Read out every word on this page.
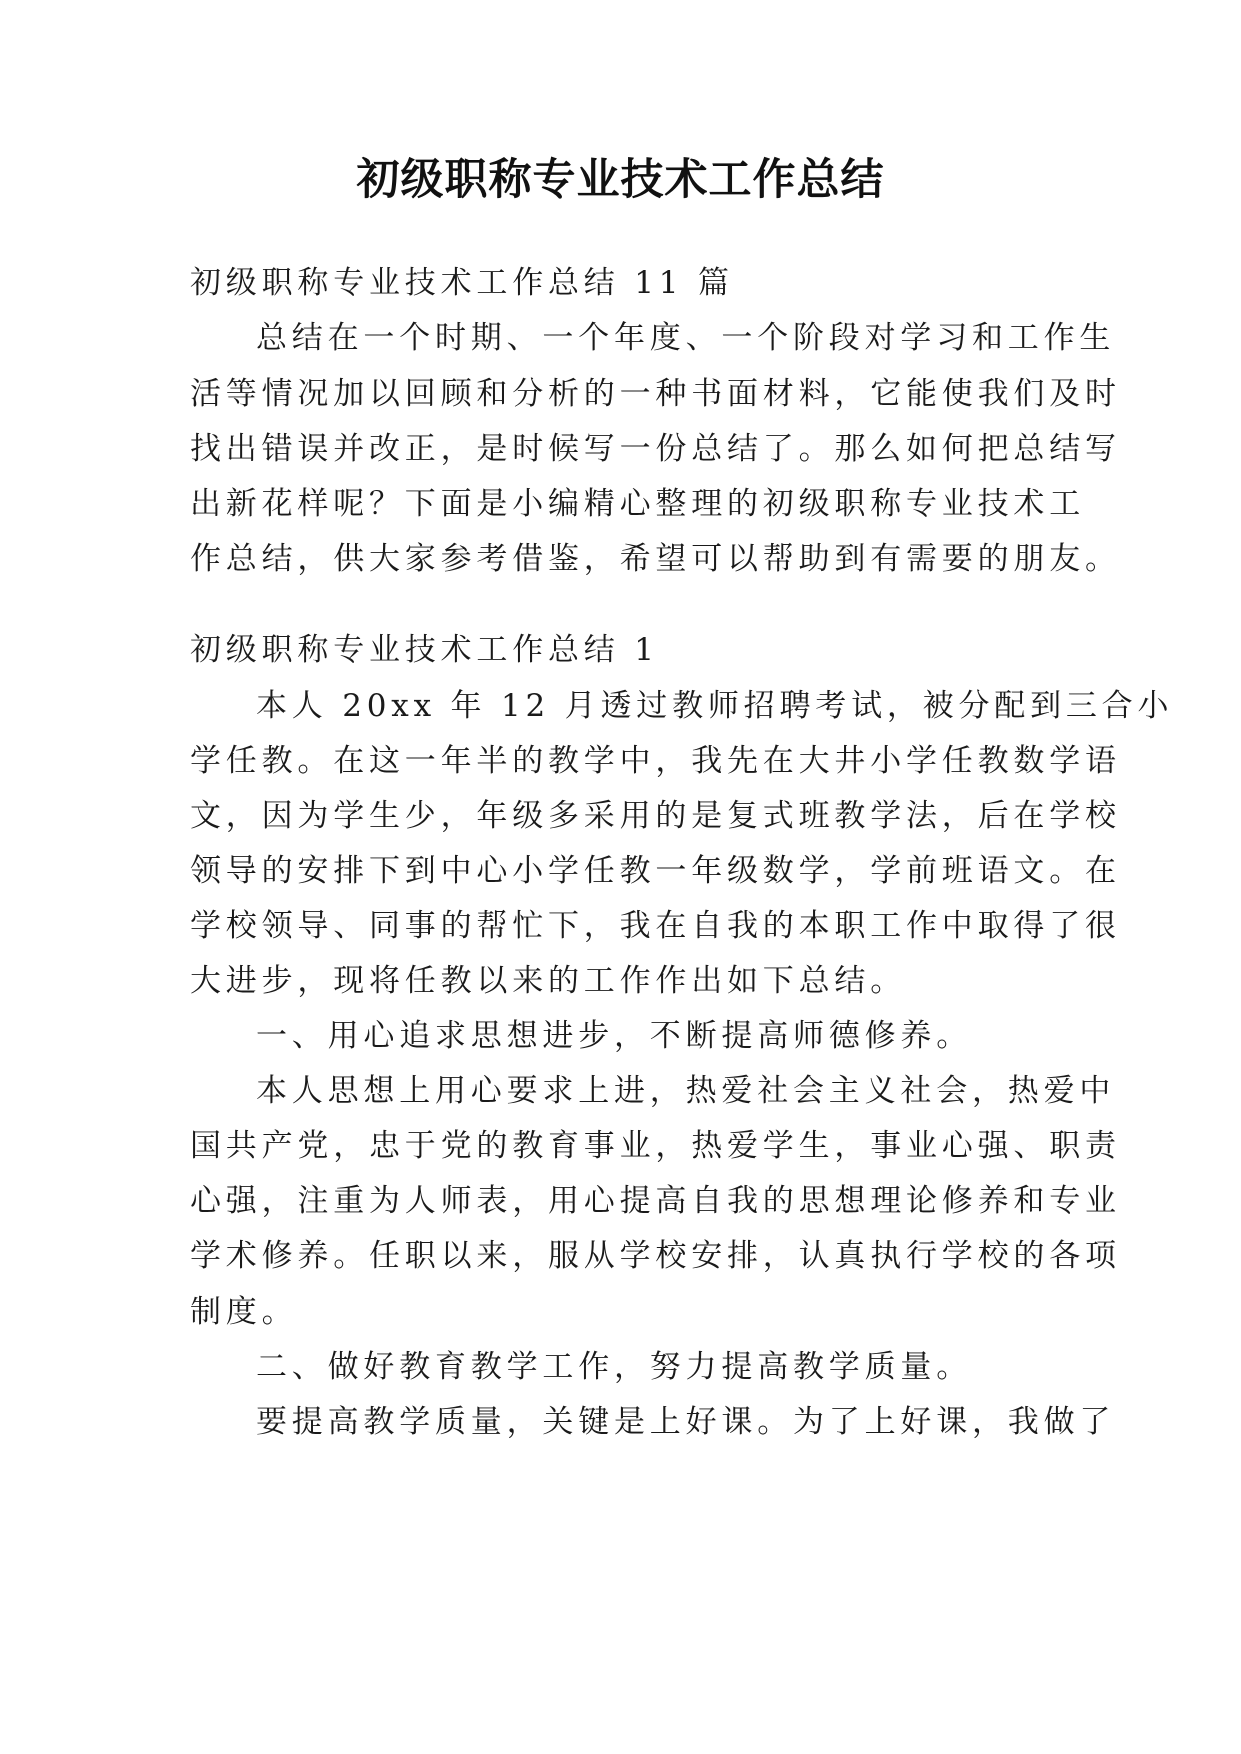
初级职称专业技术工作总结

初级职称专业技术工作总结 11 篇

总结在一个时期、一个年度、一个阶段对学习和工作生

活等情况加以回顾和分析的一种书面材料，它能使我们及时

找出错误并改正，是时候写一份总结了。那么如何把总结写

出新花样呢？下面是小编精心整理的初级职称专业技术工

作总结，供大家参考借鉴，希望可以帮助到有需要的朋友。

初级职称专业技术工作总结 1

本人 20xx 年 12 月透过教师招聘考试，被分配到三合小

学任教。在这一年半的教学中，我先在大井小学任教数学语

文，因为学生少，年级多采用的是复式班教学法，后在学校

领导的安排下到中心小学任教一年级数学，学前班语文。在

学校领导、同事的帮忙下，我在自我的本职工作中取得了很

大进步，现将任教以来的工作作出如下总结。

一、用心追求思想进步，不断提高师德修养。

本人思想上用心要求上进，热爱社会主义社会，热爱中

国共产党，忠于党的教育事业，热爱学生，事业心强、职责

心强，注重为人师表，用心提高自我的思想理论修养和专业

学术修养。任职以来，服从学校安排，认真执行学校的各项

制度。

二、做好教育教学工作，努力提高教学质量。

要提高教学质量，关键是上好课。为了上好课，我做了
